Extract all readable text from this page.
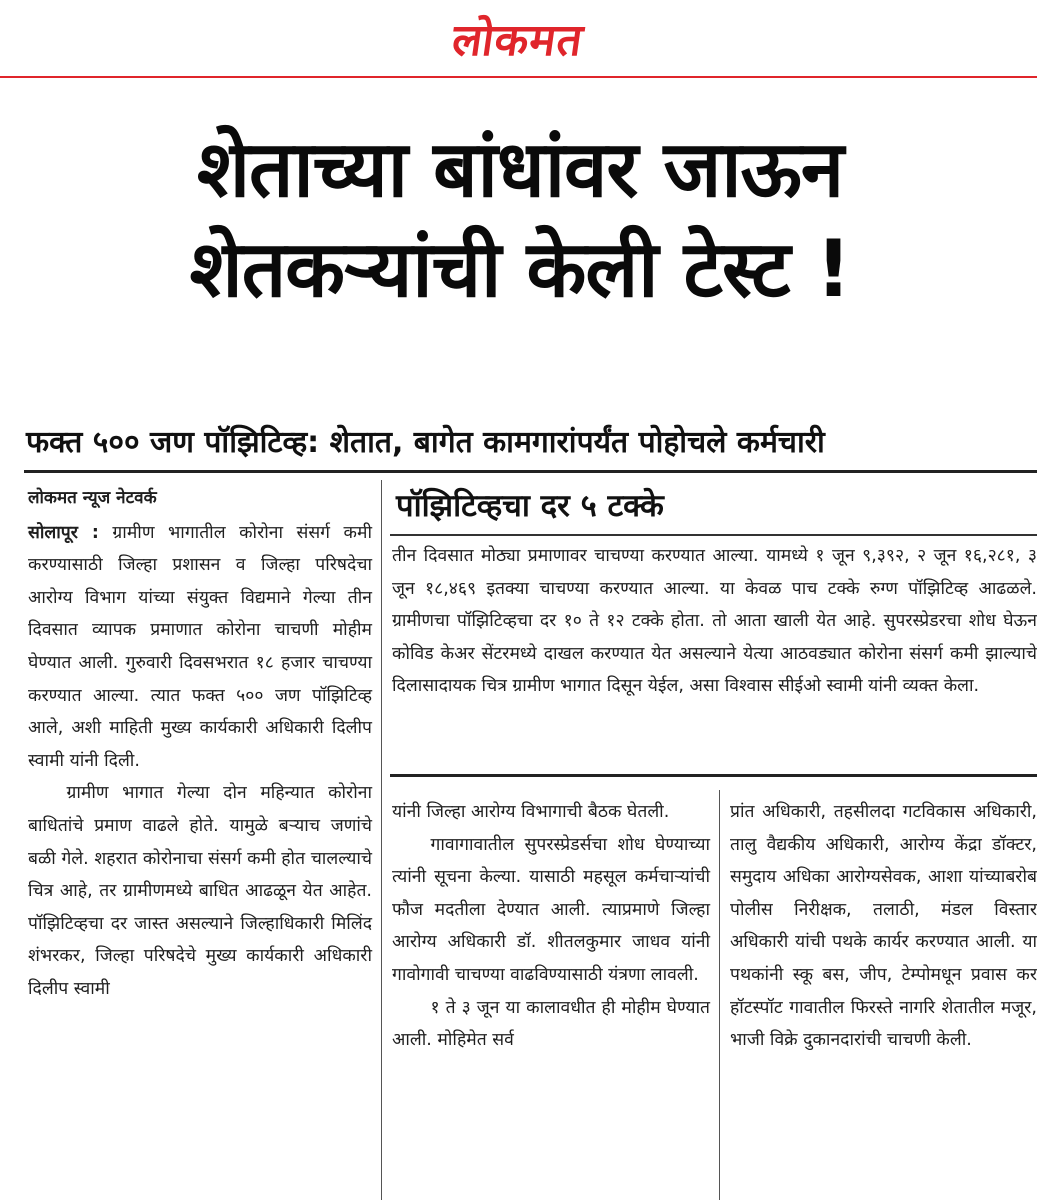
लोकमत
शेताच्या बांधांवर जाऊन
शेतकऱ्यांची केली टेस्ट !
फक्त ५०० जण पॉझिटिव्ह: शेतात, बागेत कामगारांपर्यंत पोहोचले कर्मचारी
लोकमत न्यूज नेटवर्क

सोलापूर : ग्रामीण भागातील कोरोना संसर्ग कमी करण्यासाठी जिल्हा प्रशासन व जिल्हा परिषदेचा आरोग्य विभाग यांच्या संयुक्त विद्यमाने गेल्या तीन दिवसात व्यापक प्रमाणात कोरोना चाचणी मोहीम घेण्यात आली. गुरुवारी दिवसभरात १८ हजार चाचण्या करण्यात आल्या. त्यात फक्त ५०० जण पॉझिटिव्ह आले, अशी माहिती मुख्य कार्यकारी अधिकारी दिलीप स्वामी यांनी दिली.

ग्रामीण भागात गेल्या दोन महिन्यात कोरोना बाधितांचे प्रमाण वाढले होते. यामुळे बऱ्याच जणांचे बळी गेले. शहरात कोरोनाचा संसर्ग कमी होत चालल्याचे चित्र आहे, तर ग्रामीणमध्ये बाधित आढळून येत आहेत. पॉझिटिव्हचा दर जास्त असल्याने जिल्हाधिकारी मिलिंद शंभरकर, जिल्हा परिषदेचे मुख्य कार्यकारी अधिकारी दिलीप स्वामी

पॉझिटिव्हचा दर ५ टक्के

तीन दिवसात मोठ्या प्रमाणावर चाचण्या करण्यात आल्या. यामध्ये १ जून ९,३९२, २ जून १६,२८१, ३ जून १८,४६९ इतक्या चाचण्या करण्यात आल्या. या केवळ पाच टक्के रुग्ण पॉझिटिव्ह आढळले. ग्रामीणचा पॉझिटिव्हचा दर १० ते १२ टक्के होता. तो आता खाली येत आहे. सुपरस्प्रेडरचा शोध घेऊन कोविड केअर सेंटरमध्ये दाखल करण्यात येत असल्याने येत्या आठवड्यात कोरोना संसर्ग कमी झाल्याचे दिलासादायक चित्र ग्रामीण भागात दिसून येईल, असा विश्वास सीईओ स्वामी यांनी व्यक्त केला.

यांनी जिल्हा आरोग्य विभागाची बैठक घेतली.

गावागावातील सुपरस्प्रेडर्सचा शोध घेण्याच्या त्यांनी सूचना केल्या. यासाठी महसूल कर्मचाऱ्यांची फौज मदतीला देण्यात आली. त्याप्रमाणे जिल्हा आरोग्य अधिकारी डॉ. शीतलकुमार जाधव यांनी गावोगावी चाचण्या वाढविण्यासाठी यंत्रणा लावली.

१ ते ३ जून या कालावधीत ही मोहीम घेण्यात आली. मोहिमेत सर्व

प्रांत अधिकारी, तहसीलदा गटविकास अधिकारी, तालु वैद्यकीय अधिकारी, आरोग्य केंद्रा डॉक्टर, समुदाय अधिका आरोग्यसेवक, आशा यांच्याबरोब पोलीस निरीक्षक, तलाठी, मंडल विस्तार अधिकारी यांची पथके कार्यर करण्यात आली. या पथकांनी स्कू बस, जीप, टेम्पोमधून प्रवास कर हॉटस्पॉट गावातील फिरस्ते नागरि शेतातील मजूर, भाजी विक्रे दुकानदारांची चाचणी केली.
